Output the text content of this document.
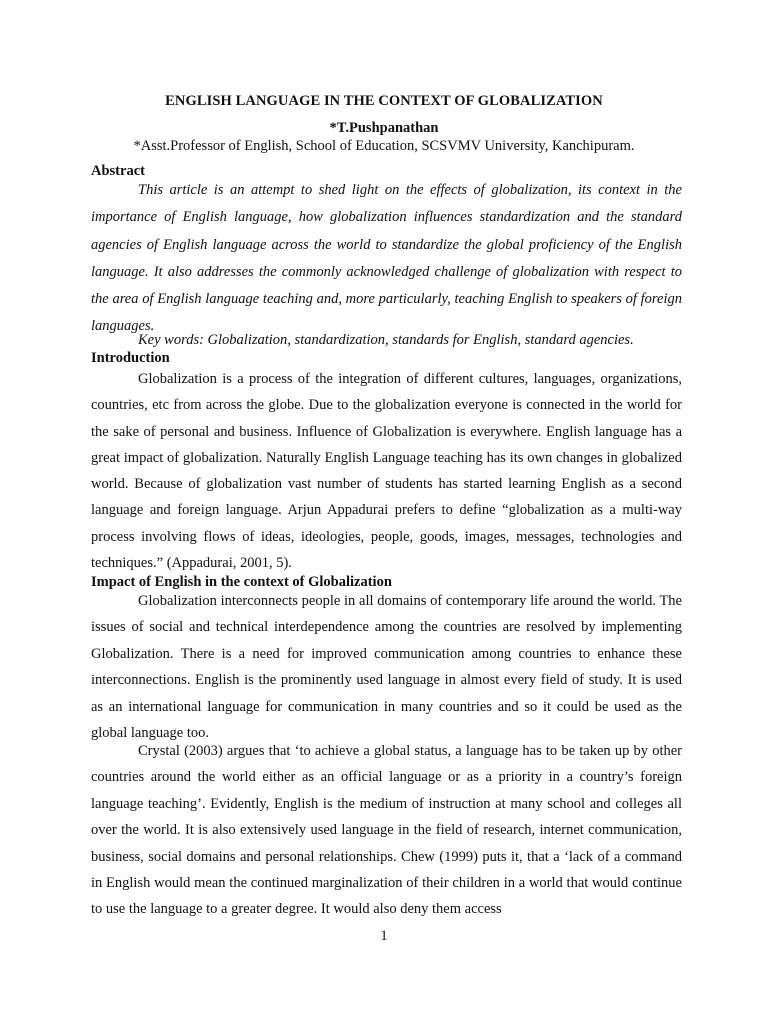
ENGLISH LANGUAGE IN THE CONTEXT OF GLOBALIZATION
*T.Pushpanathan
*Asst.Professor of English, School of Education, SCSVMV University, Kanchipuram.
Abstract

This article is an attempt to shed light on the effects of globalization, its context in the importance of English language, how globalization influences standardization and the standard agencies of English language across the world to standardize the global proficiency of the English language. It also addresses the commonly acknowledged challenge of globalization with respect to the area of English language teaching and, more particularly, teaching English to speakers of foreign languages.

Key words: Globalization, standardization, standards for English, standard agencies.
Introduction

Globalization is a process of the integration of different cultures, languages, organizations, countries, etc from across the globe. Due to the globalization everyone is connected in the world for the sake of personal and business. Influence of Globalization is everywhere. English language has a great impact of globalization. Naturally English Language teaching has its own changes in globalized world. Because of globalization vast number of students has started learning English as a second language and foreign language. Arjun Appadurai prefers to define “globalization as a multi-way process involving flows of ideas, ideologies, people, goods, images, messages, technologies and techniques.” (Appadurai, 2001, 5).

Impact of English in the context of Globalization

Globalization interconnects people in all domains of contemporary life around the world. The issues of social and technical interdependence among the countries are resolved by implementing Globalization. There is a need for improved communication among countries to enhance these interconnections. English is the prominently used language in almost every field of study. It is used as an international language for communication in many countries and so it could be used as the global language too.

Crystal (2003) argues that ‘to achieve a global status, a language has to be taken up by other countries around the world either as an official language or as a priority in a country’s foreign language teaching’. Evidently, English is the medium of instruction at many school and colleges all over the world. It is also extensively used language in the field of research, internet communication, business, social domains and personal relationships. Chew (1999) puts it, that a ‘lack of a command in English would mean the continued marginalization of their children in a world that would continue to use the language to a greater degree. It would also deny them access

1
